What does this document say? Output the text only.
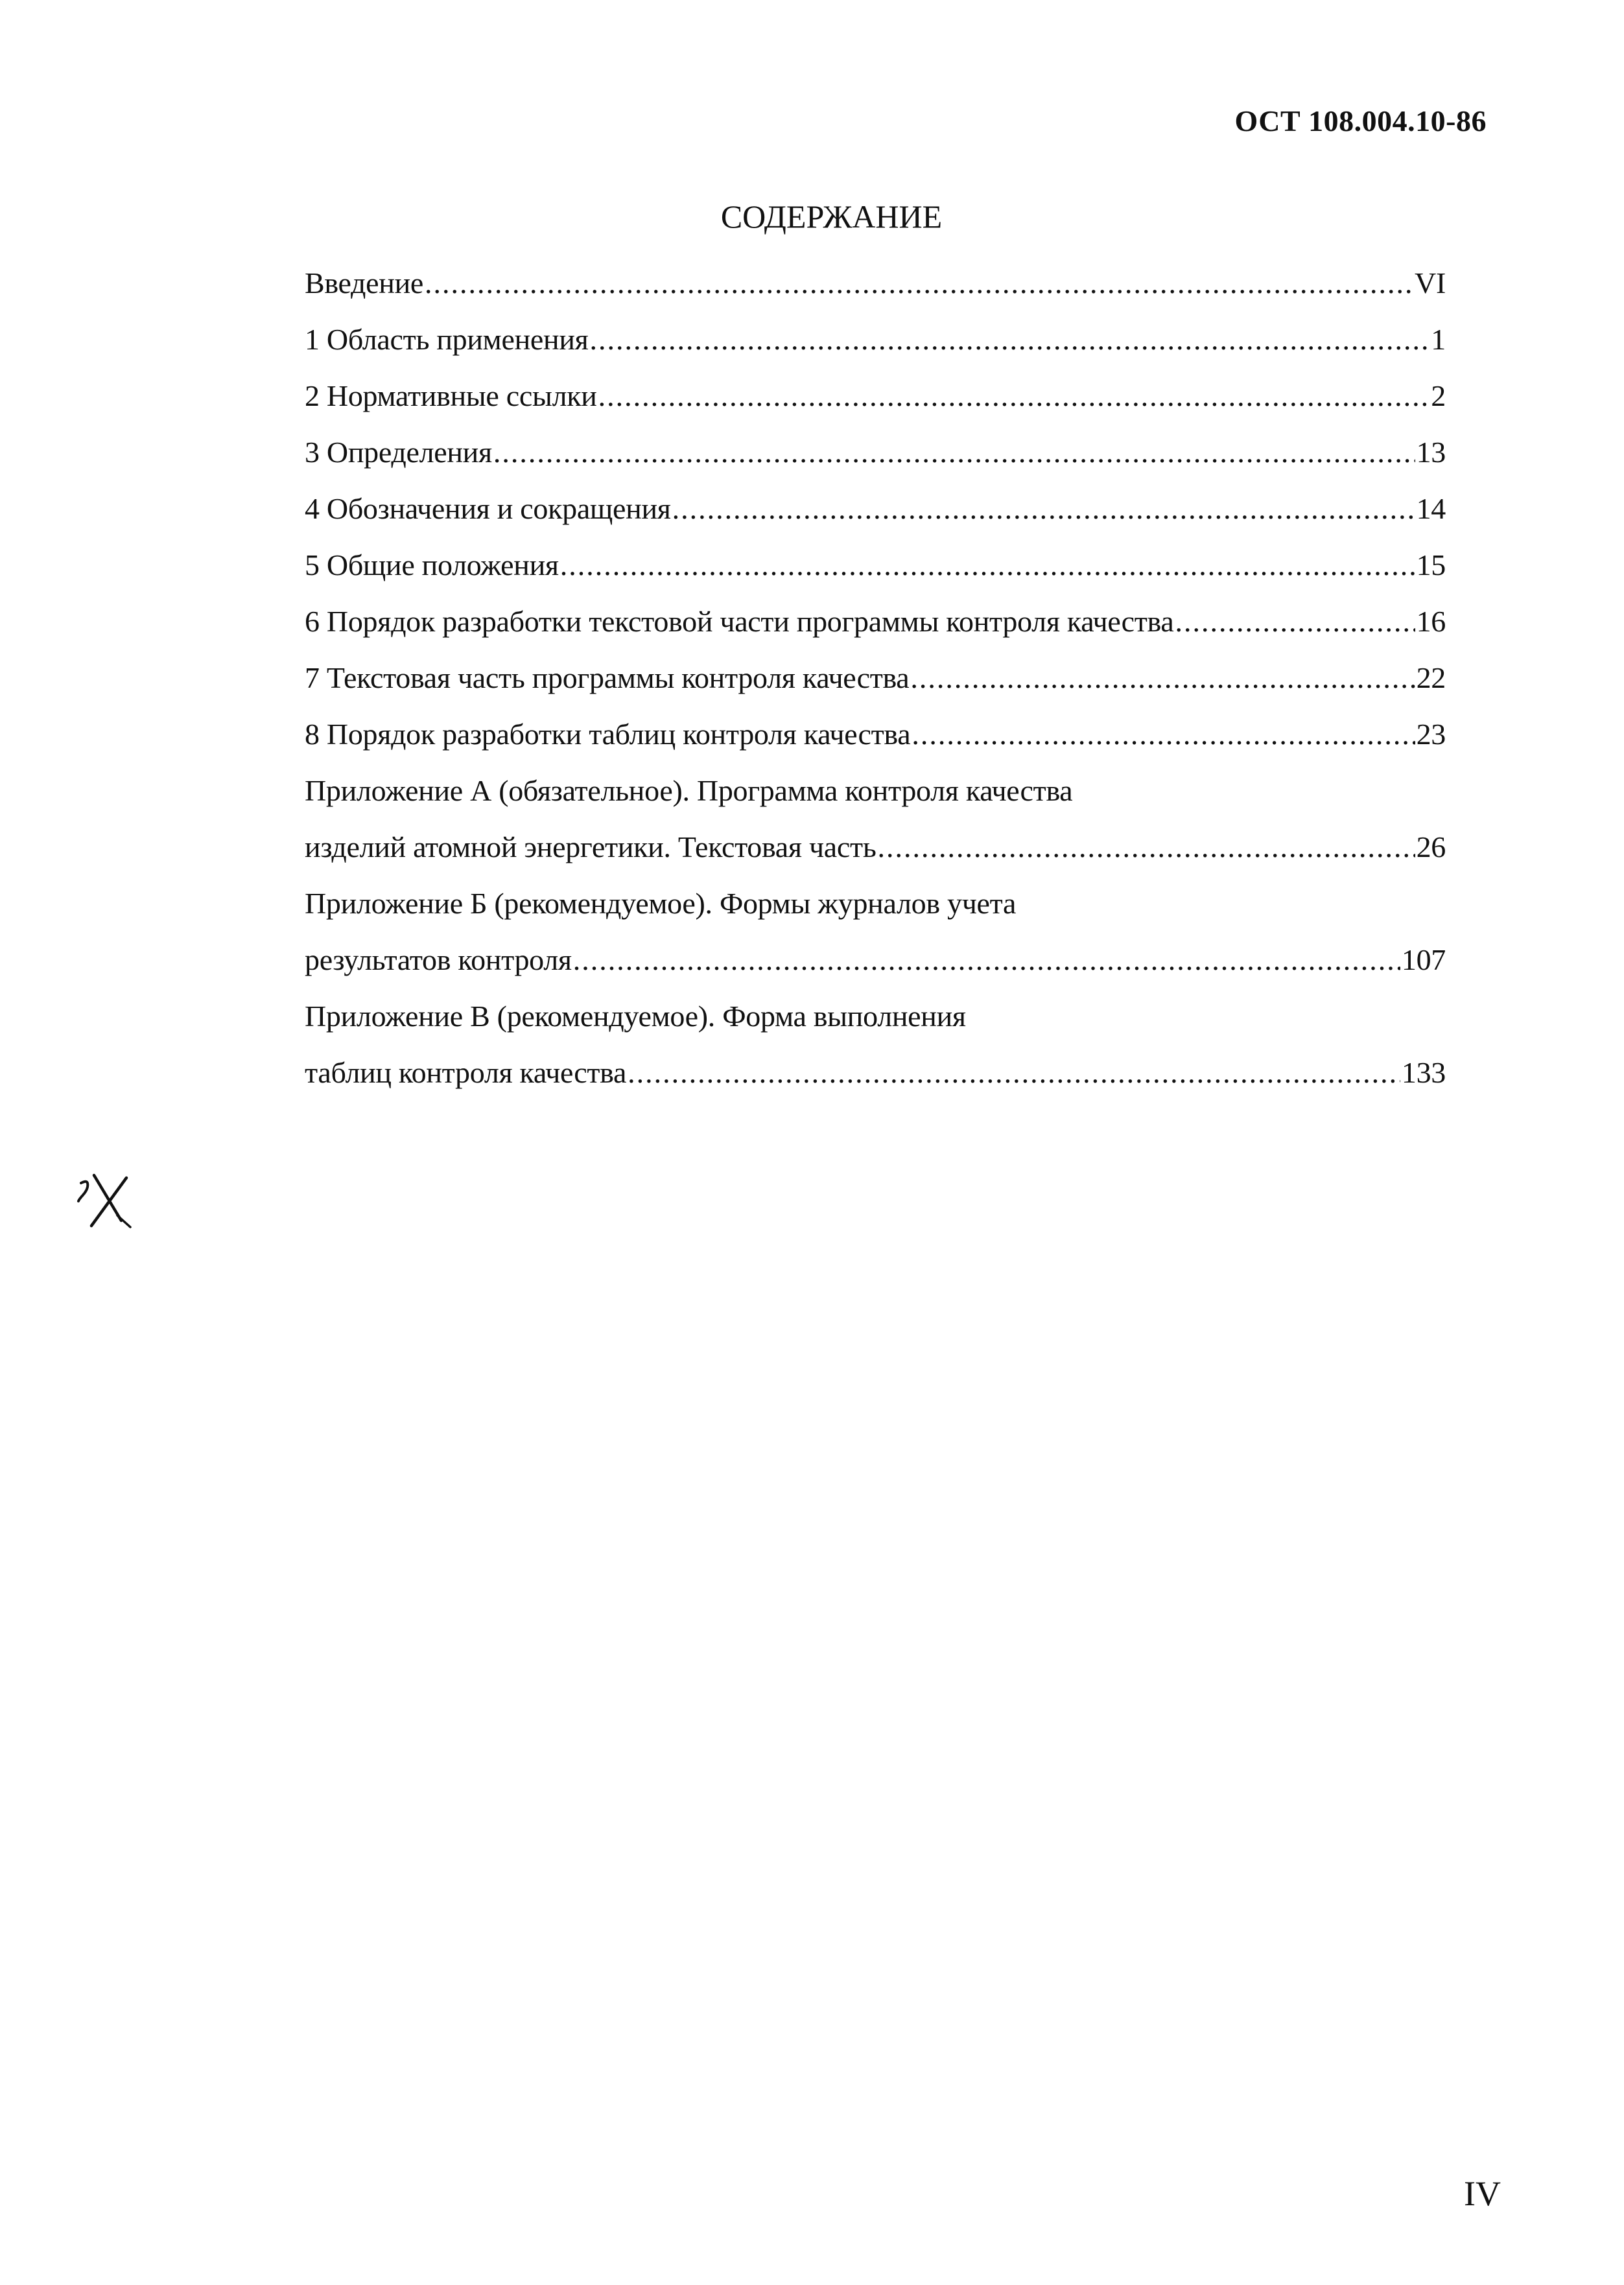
ОСТ 108.004.10-86
СОДЕРЖАНИЕ
Введение .....	VI
1 Область применения .....	1
2 Нормативные ссылки .....	2
3 Определения .....	13
4 Обозначения и сокращения .....	14
5 Общие положения .....	15
6 Порядок разработки текстовой части программы контроля качества .....	16
7 Текстовая часть программы контроля качества .....	22
8 Порядок разработки таблиц контроля качества .....	23
Приложение А (обязательное). Программа контроля качества
изделий атомной энергетики. Текстовая часть .....	26
Приложение Б (рекомендуемое). Формы журналов учета
результатов контроля .....	107
Приложение В (рекомендуемое). Форма выполнения
таблиц контроля качества .....	133
IV
